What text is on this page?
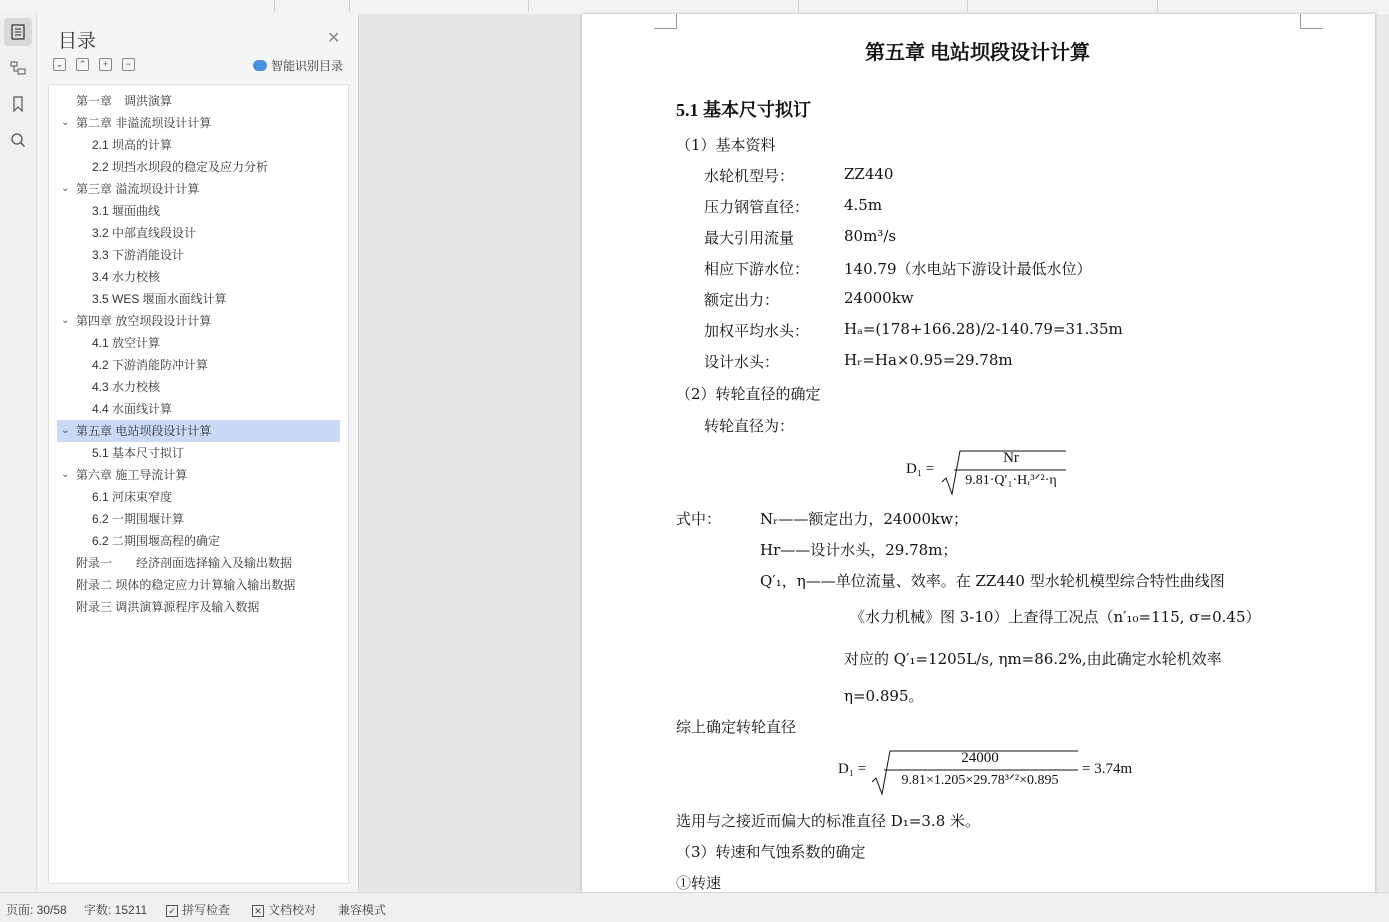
目录	✕
⌄	⌃	+	−	智能识别目录
第一章　调洪演算
⌄ 第二章 非溢流坝设计计算
2.1 坝高的计算
2.2 坝挡水坝段的稳定及应力分析
⌄ 第三章 溢流坝设计计算
3.1 堰面曲线
3.2 中部直线段设计
3.3 下游消能设计
3.4 水力校核
3.5 WES 堰面水面线计算
⌄ 第四章 放空坝段设计计算
4.1 放空计算
4.2 下游消能防冲计算
4.3 水力校核
4.4 水面线计算
⌄ 第五章 电站坝段设计计算
5.1 基本尺寸拟订
⌄ 第六章 施工导流计算
6.1 河床束窄度
6.2 一期围堰计算
6.2 二期围堰高程的确定
附录一　　经济剖面选择输入及输出数据
附录二 坝体的稳定应力计算输入输出数据
附录三 调洪演算源程序及输入数据
第五章 电站坝段设计计算
5.1 基本尺寸拟订
（1）基本资料
水轮机型号：	ZZ440
压力钢管直径： 4.5m
最大引用流量	80m³/s
相应下游水位： 140.79（水电站下游设计最低水位）
额定出力：	24000kw
加权平均水头： Hₐ=(178+166.28)/2-140.79=31.35m
设计水头：	Hᵣ=Ha×0.95=29.78m
（2）转轮直径的确定
转轮直径为：
D₁ =
Nr
9.81·Q′₁·Hᵣ³ᐟ²·η
式中：	Nᵣ——额定出力，24000kw；
Hr——设计水头，29.78m；
Q′₁，η——单位流量、效率。在 ZZ440 型水轮机模型综合特性曲线图
《水力机械》图 3-10）上查得工况点（n′₁₀=115, σ=0.45）
对应的 Q′₁=1205L/s, ηm=86.2%,由此确定水轮机效率
η=0.895。
综上确定转轮直径
D₁ =
24000
9.81×1.205×29.78³ᐟ²×0.895
= 3.74m
选用与之接近而偏大的标准直径 D₁=3.8 米。
（3）转速和气蚀系数的确定
①转速
页面: 30/58 字数: 15211 ✓ 拼写检查	✕ 文档校对 兼容模式
